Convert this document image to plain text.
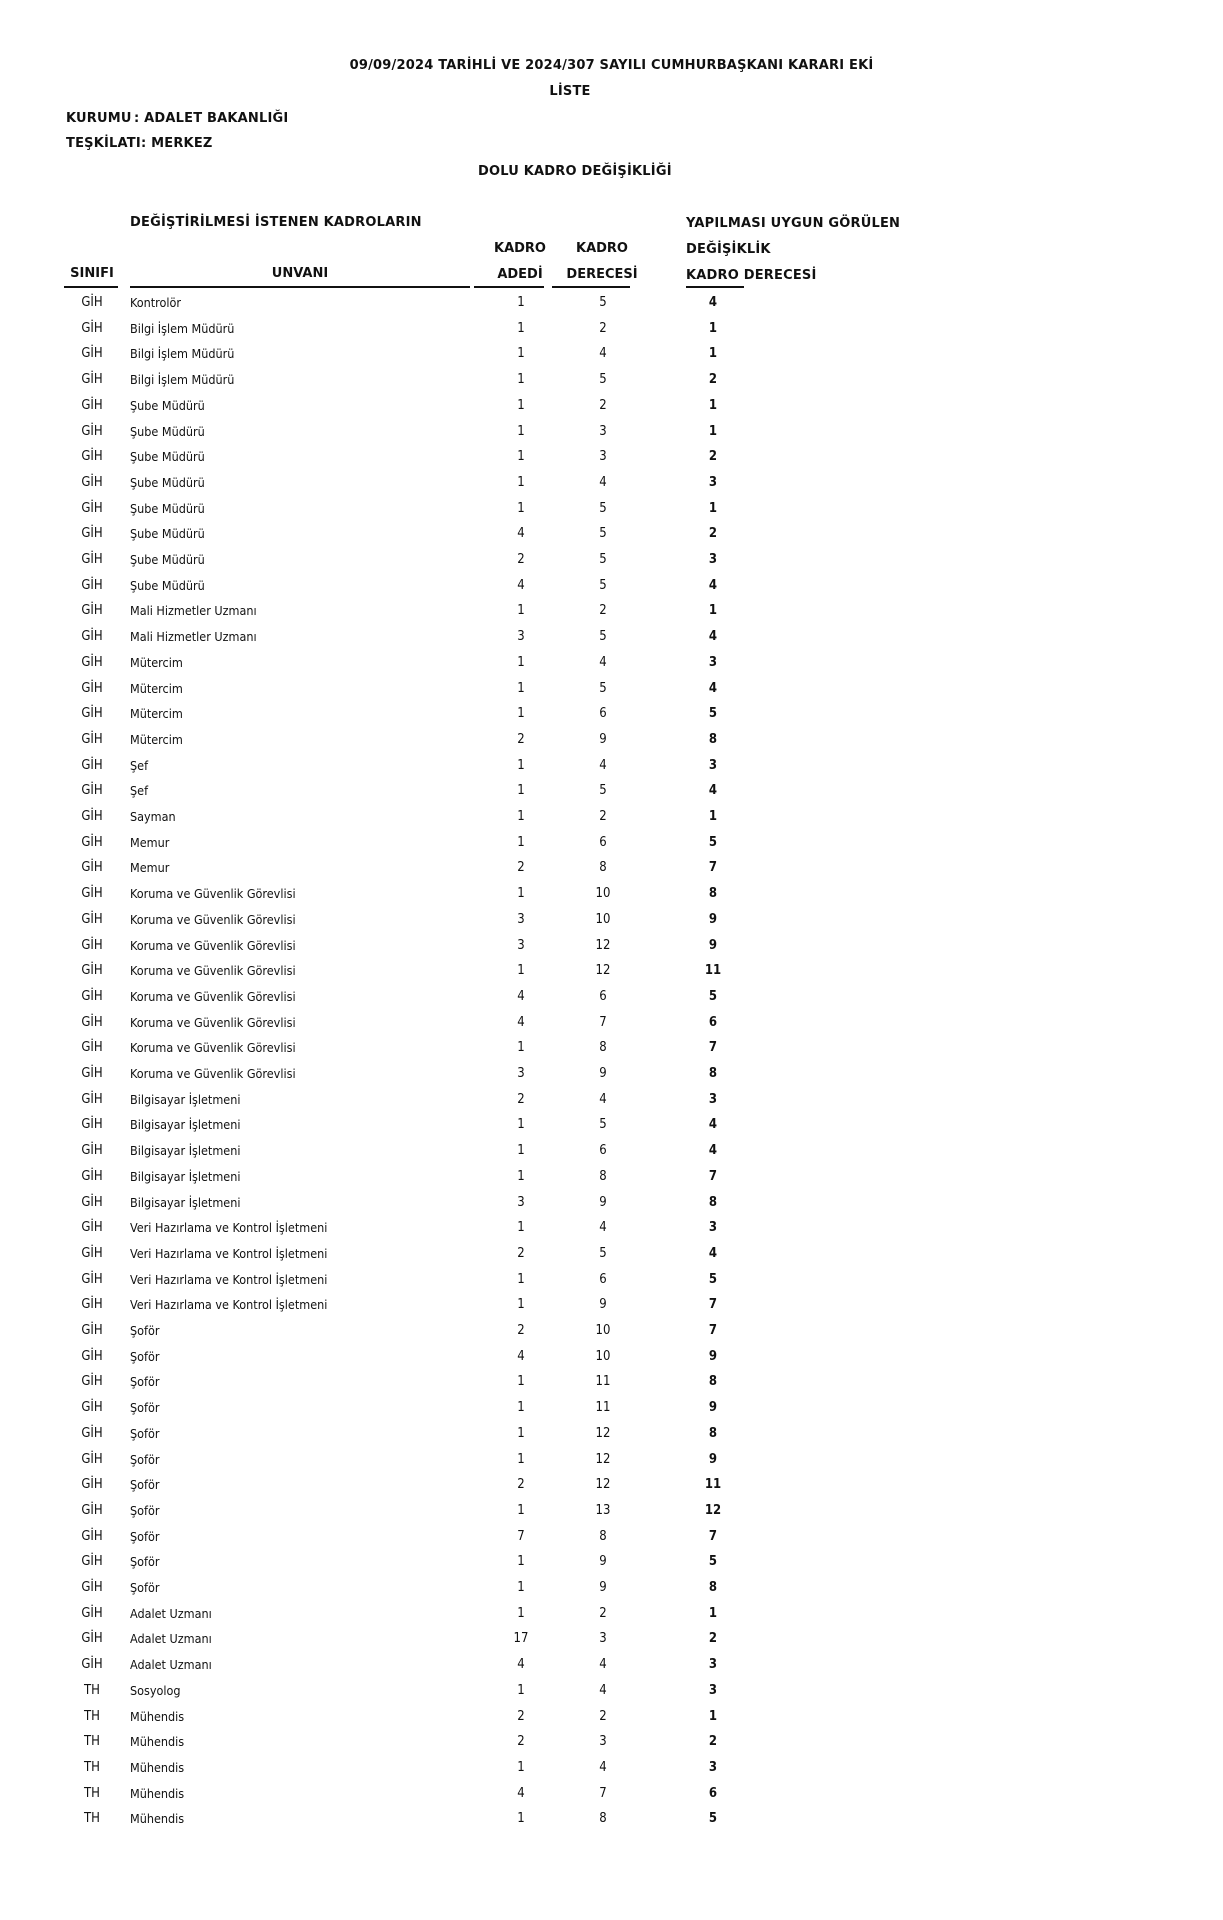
09/09/2024 TARİHLİ VE 2024/307 SAYILI CUMHURBAŞKANI KARARI EKİ
LİSTE
KURUMU : ADALET BAKANLIĞI
TEŞKİLATI : MERKEZ
DOLU KADRO DEĞİŞİKLİĞİ
DEĞİŞTİRİLMESİ İSTENEN KADROLARIN	YAPILMASI UYGUN GÖRÜLEN
DEĞİŞİKLİK
KADRO DERECESİ
KADRO	KADRO
SINIFI	UNVANI	ADEDİ	DERECESİ
GİH	Kontrolör	1	5	4
GİH	Bilgi İşlem Müdürü	1	2	1
GİH	Bilgi İşlem Müdürü	1	4	1
GİH	Bilgi İşlem Müdürü	1	5	2
GİH	Şube Müdürü	1	2	1
GİH	Şube Müdürü	1	3	1
GİH	Şube Müdürü	1	3	2
GİH	Şube Müdürü	1	4	3
GİH	Şube Müdürü	1	5	1
GİH	Şube Müdürü	4	5	2
GİH	Şube Müdürü	2	5	3
GİH	Şube Müdürü	4	5	4
GİH	Mali Hizmetler Uzmanı	1	2	1
GİH	Mali Hizmetler Uzmanı	3	5	4
GİH	Mütercim	1	4	3
GİH	Mütercim	1	5	4
GİH	Mütercim	1	6	5
GİH	Mütercim	2	9	8
GİH	Şef	1	4	3
GİH	Şef	1	5	4
GİH	Sayman	1	2	1
GİH	Memur	1	6	5
GİH	Memur	2	8	7
GİH	Koruma ve Güvenlik Görevlisi	1	10	8
GİH	Koruma ve Güvenlik Görevlisi	3	10	9
GİH	Koruma ve Güvenlik Görevlisi	3	12	9
GİH	Koruma ve Güvenlik Görevlisi	1	12	11
GİH	Koruma ve Güvenlik Görevlisi	4	6	5
GİH	Koruma ve Güvenlik Görevlisi	4	7	6
GİH	Koruma ve Güvenlik Görevlisi	1	8	7
GİH	Koruma ve Güvenlik Görevlisi	3	9	8
GİH	Bilgisayar İşletmeni	2	4	3
GİH	Bilgisayar İşletmeni	1	5	4
GİH	Bilgisayar İşletmeni	1	6	4
GİH	Bilgisayar İşletmeni	1	8	7
GİH	Bilgisayar İşletmeni	3	9	8
GİH	Veri Hazırlama ve Kontrol İşletmeni	1	4	3
GİH	Veri Hazırlama ve Kontrol İşletmeni	2	5	4
GİH	Veri Hazırlama ve Kontrol İşletmeni	1	6	5
GİH	Veri Hazırlama ve Kontrol İşletmeni	1	9	7
GİH	Şoför	2	10	7
GİH	Şoför	4	10	9
GİH	Şoför	1	11	8
GİH	Şoför	1	11	9
GİH	Şoför	1	12	8
GİH	Şoför	1	12	9
GİH	Şoför	2	12	11
GİH	Şoför	1	13	12
GİH	Şoför	7	8	7
GİH	Şoför	1	9	5
GİH	Şoför	1	9	8
GİH	Adalet Uzmanı	1	2	1
GİH	Adalet Uzmanı	17	3	2
GİH	Adalet Uzmanı	4	4	3
TH	Sosyolog	1	4	3
TH	Mühendis	2	2	1
TH	Mühendis	2	3	2
TH	Mühendis	1	4	3
TH	Mühendis	4	7	6
TH	Mühendis	1	8	5
